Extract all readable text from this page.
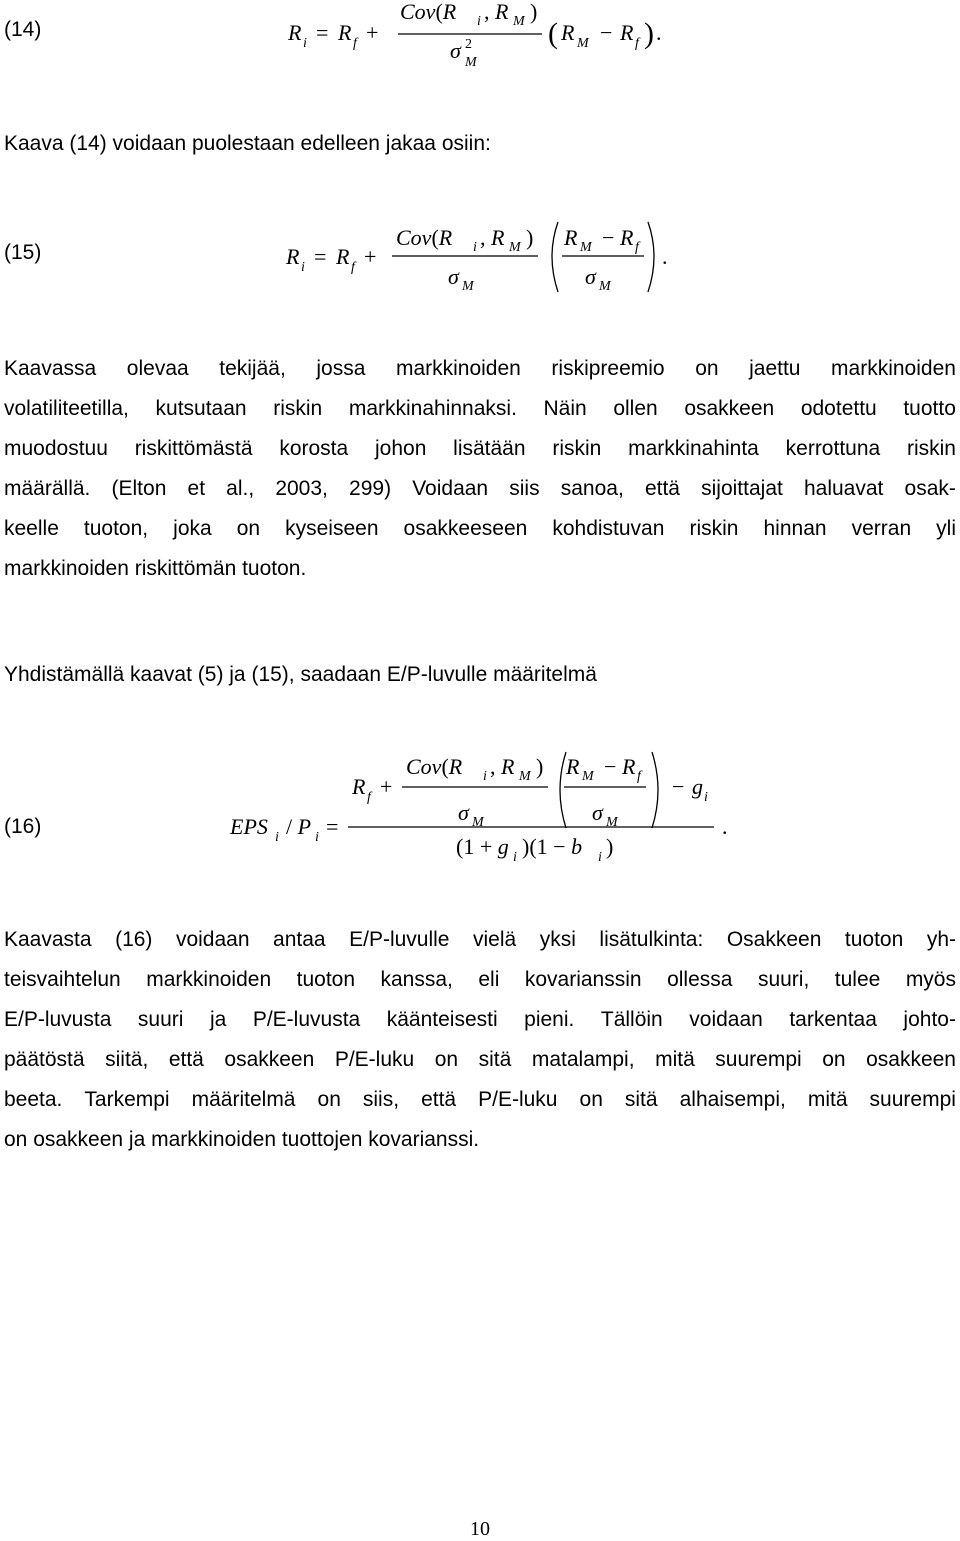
(14)	R i = R f +
Cov(R i , R M )
σ 2
M
( R M − R f ) .
Kaava (14) voidaan puolestaan edelleen jakaa osiin:
(15)	R i = R f +
Cov(R i , R M )
σ M
R M − R f
σ M
.
Kaavassa olevaa tekijää, jossa markkinoiden riskipreemio on jaettu markkinoiden
volatiliteetilla, kutsutaan riskin markkinahinnaksi. Näin ollen osakkeen odotettu tuotto
muodostuu riskittömästä korosta johon lisätään riskin markkinahinta kerrottuna riskin
määrällä. (Elton et al., 2003, 299) Voidaan siis sanoa, että sijoittajat haluavat osak-
keelle tuoton, joka on kyseiseen osakkeeseen kohdistuvan riskin hinnan verran yli
markkinoiden riskittömän tuoton.
Yhdistämällä kaavat (5) ja (15), saadaan E/P-luvulle määritelmä
(16)	EPS i / P i =
R f +
Cov(R i , R M )
σ M
R M − R f
σ M
− g i
(1 + g i )(1 − b i )
.
Kaavasta (16) voidaan antaa E/P-luvulle vielä yksi lisätulkinta: Osakkeen tuoton yh-
teisvaihtelun markkinoiden tuoton kanssa, eli kovarianssin ollessa suuri, tulee myös
E/P-luvusta suuri ja P/E-luvusta käänteisesti pieni. Tällöin voidaan tarkentaa johto-
päätöstä siitä, että osakkeen P/E-luku on sitä matalampi, mitä suurempi on osakkeen
beeta. Tarkempi määritelmä on siis, että P/E-luku on sitä alhaisempi, mitä suurempi
on osakkeen ja markkinoiden tuottojen kovarianssi.
10
